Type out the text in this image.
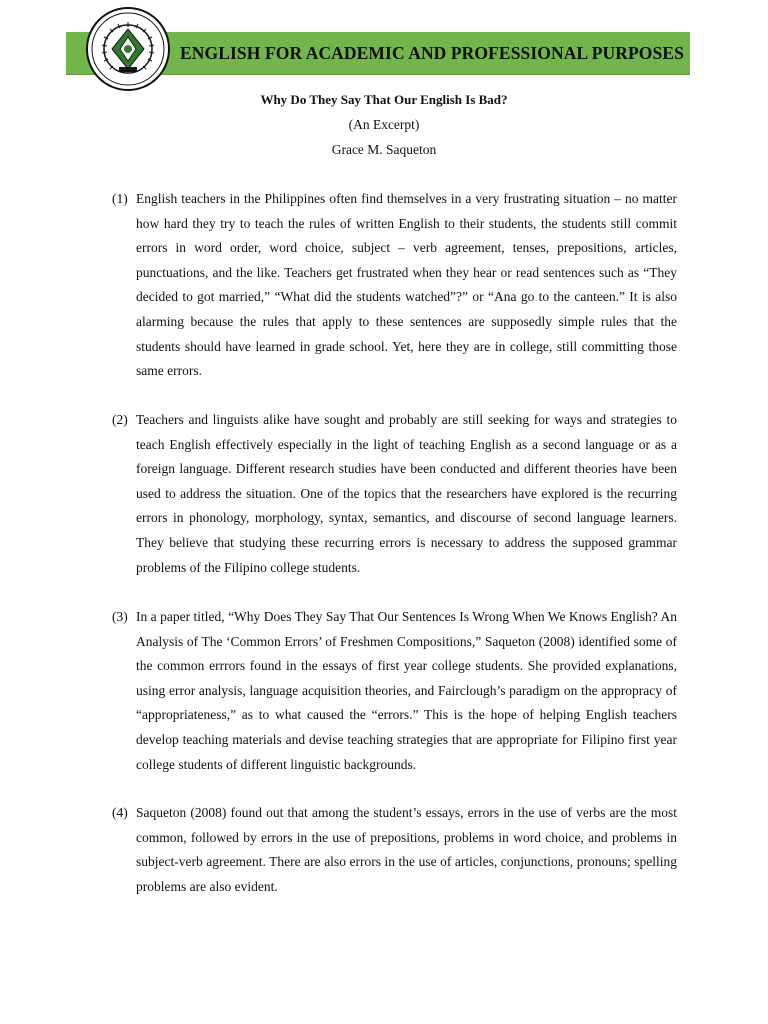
ENGLISH FOR ACADEMIC AND PROFESSIONAL PURPOSES
Why Do They Say That Our English Is Bad?
(An Excerpt)
Grace M. Saqueton
(1) English teachers in the Philippines often find themselves in a very frustrating situation – no matter how hard they try to teach the rules of written English to their students, the students still commit errors in word order, word choice, subject – verb agreement, tenses, prepositions, articles, punctuations, and the like. Teachers get frustrated when they hear or read sentences such as “They decided to got married,” “What did the students watched”?” or “Ana go to the canteen.” It is also alarming because the rules that apply to these sentences are supposedly simple rules that the students should have learned in grade school. Yet, here they are in college, still committing those same errors.
(2) Teachers and linguists alike have sought and probably are still seeking for ways and strategies to teach English effectively especially in the light of teaching English as a second language or as a foreign language. Different research studies have been conducted and different theories have been used to address the situation. One of the topics that the researchers have explored is the recurring errors in phonology, morphology, syntax, semantics, and discourse of second language learners. They believe that studying these recurring errors is necessary to address the supposed grammar problems of the Filipino college students.
(3) In a paper titled, “Why Does They Say That Our Sentences Is Wrong When We Knows English? An Analysis of The ‘Common Errors’ of Freshmen Compositions,” Saqueton (2008) identified some of the common errrors found in the essays of first year college students. She provided explanations, using error analysis, language acquisition theories, and Fairclough’s paradigm on the appropracy of “appropriateness,” as to what caused the “errors.” This is the hope of helping English teachers develop teaching materials and devise teaching strategies that are appropriate for Filipino first year college students of different linguistic backgrounds.
(4) Saqueton (2008) found out that among the student’s essays, errors in the use of verbs are the most common, followed by errors in the use of prepositions, problems in word choice, and problems in subject-verb agreement. There are also errors in the use of articles, conjunctions, pronouns; spelling problems are also evident.
